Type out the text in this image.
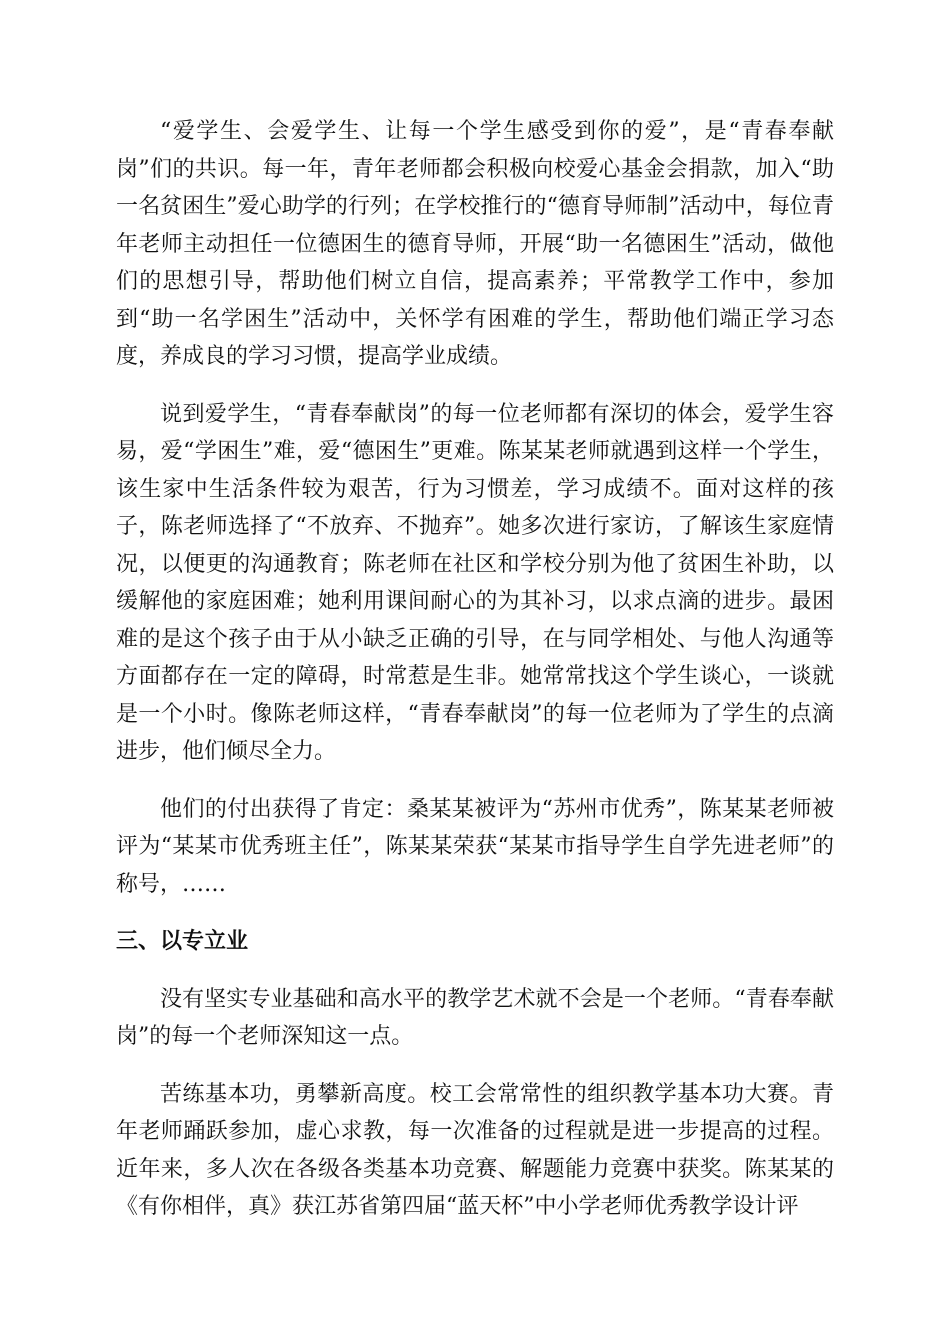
“爱学生、会爱学生、让每一个学生感受到你的爱”，是“青春奉献岗”们的共识。每一年，青年老师都会积极向校爱心基金会捐款，加入“助一名贫困生”爱心助学的行列；在学校推行的“德育导师制”活动中，每位青年老师主动担任一位德困生的德育导师，开展“助一名德困生”活动，做他们的思想引导，帮助他们树立自信，提高素养；平常教学工作中，参加到“助一名学困生”活动中，关怀学有困难的学生，帮助他们端正学习态度，养成良的学习习惯，提高学业成绩。

说到爱学生，“青春奉献岗”的每一位老师都有深切的体会，爱学生容易，爱“学困生”难，爱“德困生”更难。陈某某老师就遇到这样一个学生，该生家中生活条件较为艰苦，行为习惯差，学习成绩不。面对这样的孩子，陈老师选择了“不放弃、不抛弃”。她多次进行家访，了解该生家庭情况，以便更的沟通教育；陈老师在社区和学校分别为他了贫困生补助，以缓解他的家庭困难；她利用课间耐心的为其补习，以求点滴的进步。最困难的是这个孩子由于从小缺乏正确的引导，在与同学相处、与他人沟通等方面都存在一定的障碍，时常惹是生非。她常常找这个学生谈心，一谈就是一个小时。像陈老师这样，“青春奉献岗”的每一位老师为了学生的点滴进步，他们倾尽全力。

他们的付出获得了肯定：桑某某被评为“苏州市优秀”，陈某某老师被评为“某某市优秀班主任”，陈某某荣获“某某市指导学生自学先进老师”的称号，……

三、以专立业

没有坚实专业基础和高水平的教学艺术就不会是一个老师。“青春奉献岗”的每一个老师深知这一点。

苦练基本功，勇攀新高度。校工会常常性的组织教学基本功大赛。青年老师踊跃参加，虚心求教，每一次准备的过程就是进一步提高的过程。近年来，多人次在各级各类基本功竞赛、解题能力竞赛中获奖。陈某某的《有你相伴，真》获江苏省第四届“蓝天杯”中小学老师优秀教学设计评
